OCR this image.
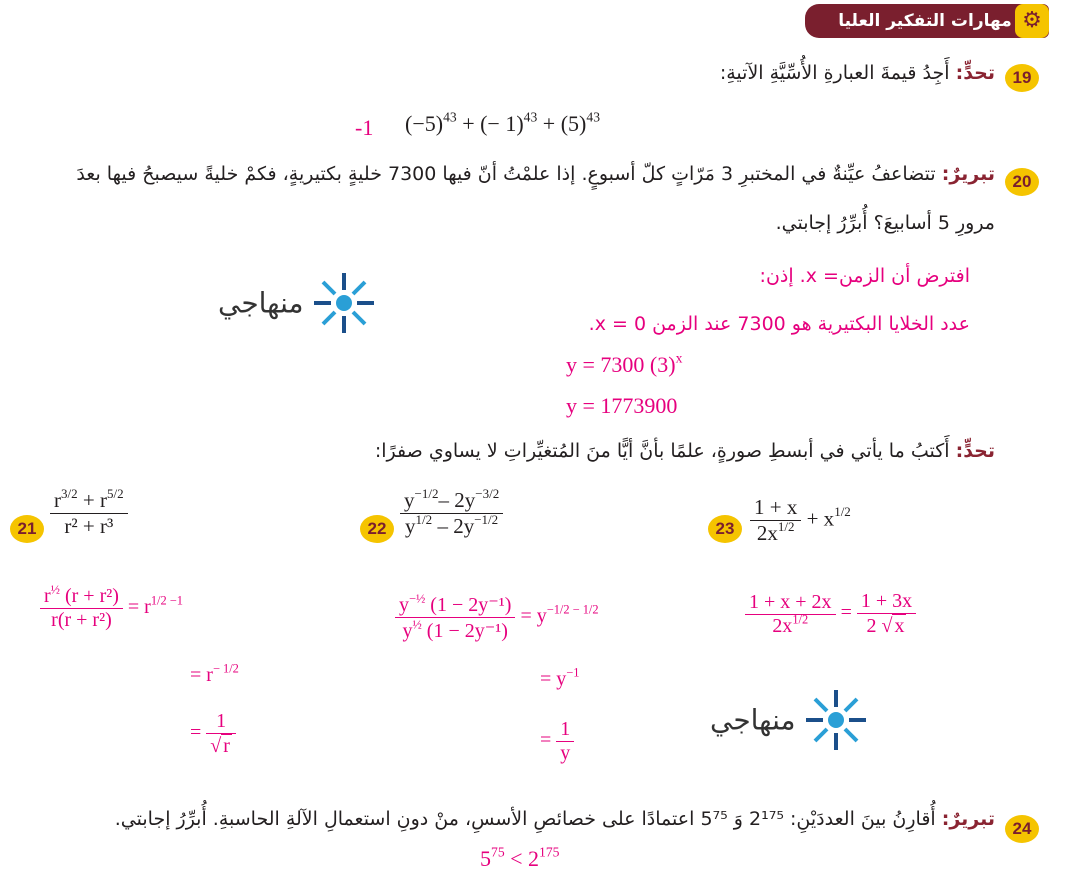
مهارات التفكير العليا ⚙
19
تحدٍّ: أَجِدُ قيمةَ العبارةِ الأُسِّيَّةِ الآتيةِ:
-1 $(-5)^{43}$ + (− $1)^{43} + (5)^{43}$
20
تبريرٌ: تتضاعفُ عيِّنةٌ في المختبرِ 3 مَرّاتٍ كلّ أسبوعٍ. إذا علمْتُ أنّ فيها 7300 خليةٍ بكتيريةٍ، فكمْ خليةً سيصبحُ فيها بعدَ
مرورِ 5 أسابيعَ؟ أُبرِّرُ إجابتي.
افترض أن الزمن= x. إذن:
عدد الخلايا البكتيرية هو 7300 عند الزمن x = 0.
y = 7300 $(3)^x$
y = 1773900
منهاجي
تحدٍّ: أَكتبُ ما يأتي في أبسطِ صورةٍ، علمًا بأنَّ أيًّا منَ المُتغيِّراتِ لا يساوي صفرًا:
$21 \frac{r^{3/2} + r^{5/2}}{\text{r² + r³}}$
$\frac{r^{\frac{1}{2}} (r + r^2)}{\text{r(r + r²)}} = r^{1/2 -1}$
= $r^{- 1/2}$
= $\frac{1}{√ r}$
$22 \frac{y^{-1/2}- 2y^{-3/2}}{y^{1/2} - 2y^{-1/2}}$
$\frac{y^{-\frac{1}{2}} (1 - 2y^{-1})}{y^{\frac{1}{2}} (1 - 2y^{-1})} = y^{-1/2 - 1/2}$
= $y^{-1}$
= $\frac{1}{y}$
$23 \frac{1 + x}{2x^{1/2}} + x^{1/2}$
$\frac{1 + x + 2x}{2x^{1/2}} = \frac{1 + 3x}{2 √ x}$
منهاجي
24
تبريرٌ: أُقارِنُ بينَ العددَيْنِ: ‎2¹⁷⁵‎ وَ ‎5⁷⁵‎ اعتمادًا على خصائصِ الأسسِ، منْ دونِ استعمالِ الآلةِ الحاسبةِ. أُبرِّرُ إجابتي.
$5^{75} < 2^{175}$
